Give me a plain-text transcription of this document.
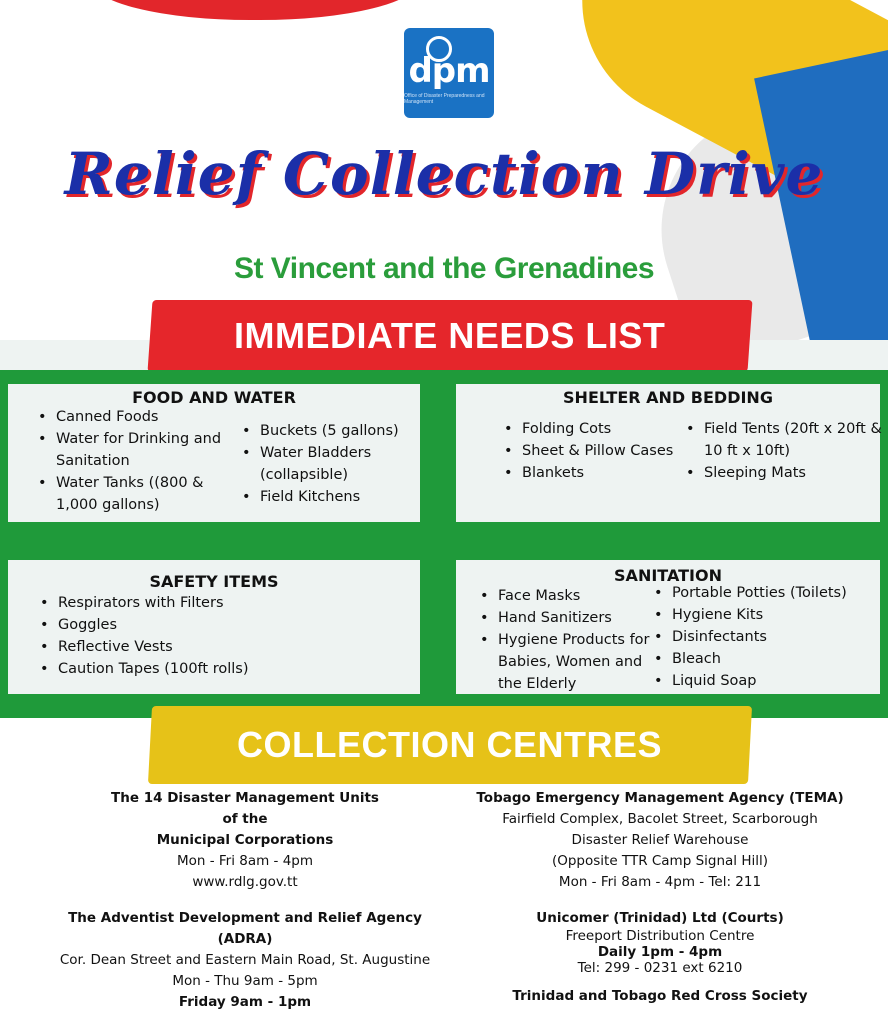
dpm
Office of Disaster Preparedness and Management
Relief Collection Drive
St Vincent and the Grenadines
IMMEDIATE NEEDS LIST
FOOD AND WATER
• Canned Foods
• Water for Drinking and Sanitation
• Water Tanks ((800 & 1,000 gallons)
• Buckets (5 gallons)
• Water Bladders (collapsible)
• Field Kitchens
SHELTER AND BEDDING
• Folding Cots
• Sheet & Pillow Cases
• Blankets
• Field Tents (20ft x 20ft & 10 ft x 10ft)
• Sleeping Mats
SAFETY ITEMS
• Respirators with Filters
• Goggles
• Reflective Vests
• Caution Tapes (100ft rolls)
SANITATION
• Face Masks
• Hand Sanitizers
• Hygiene Products for Babies, Women and the Elderly
• Portable Potties (Toilets)
• Hygiene Kits
• Disinfectants
• Bleach
• Liquid Soap
COLLECTION CENTRES
The 14 Disaster Management Units
of the
Municipal Corporations
Mon - Fri 8am - 4pm
www.rdlg.gov.tt
Tobago Emergency Management Agency (TEMA)
Fairfield Complex, Bacolet Street, Scarborough
Disaster Relief Warehouse
(Opposite TTR Camp Signal Hill)
Mon - Fri 8am - 4pm - Tel: 211
The Adventist Development and Relief Agency
(ADRA)
Cor. Dean Street and Eastern Main Road, St. Augustine
Mon - Thu 9am - 5pm
Friday 9am - 1pm
Unicomer (Trinidad) Ltd (Courts)
Freeport Distribution Centre
Daily 1pm - 4pm
Tel: 299 - 0231 ext 6210
Trinidad and Tobago Red Cross Society
